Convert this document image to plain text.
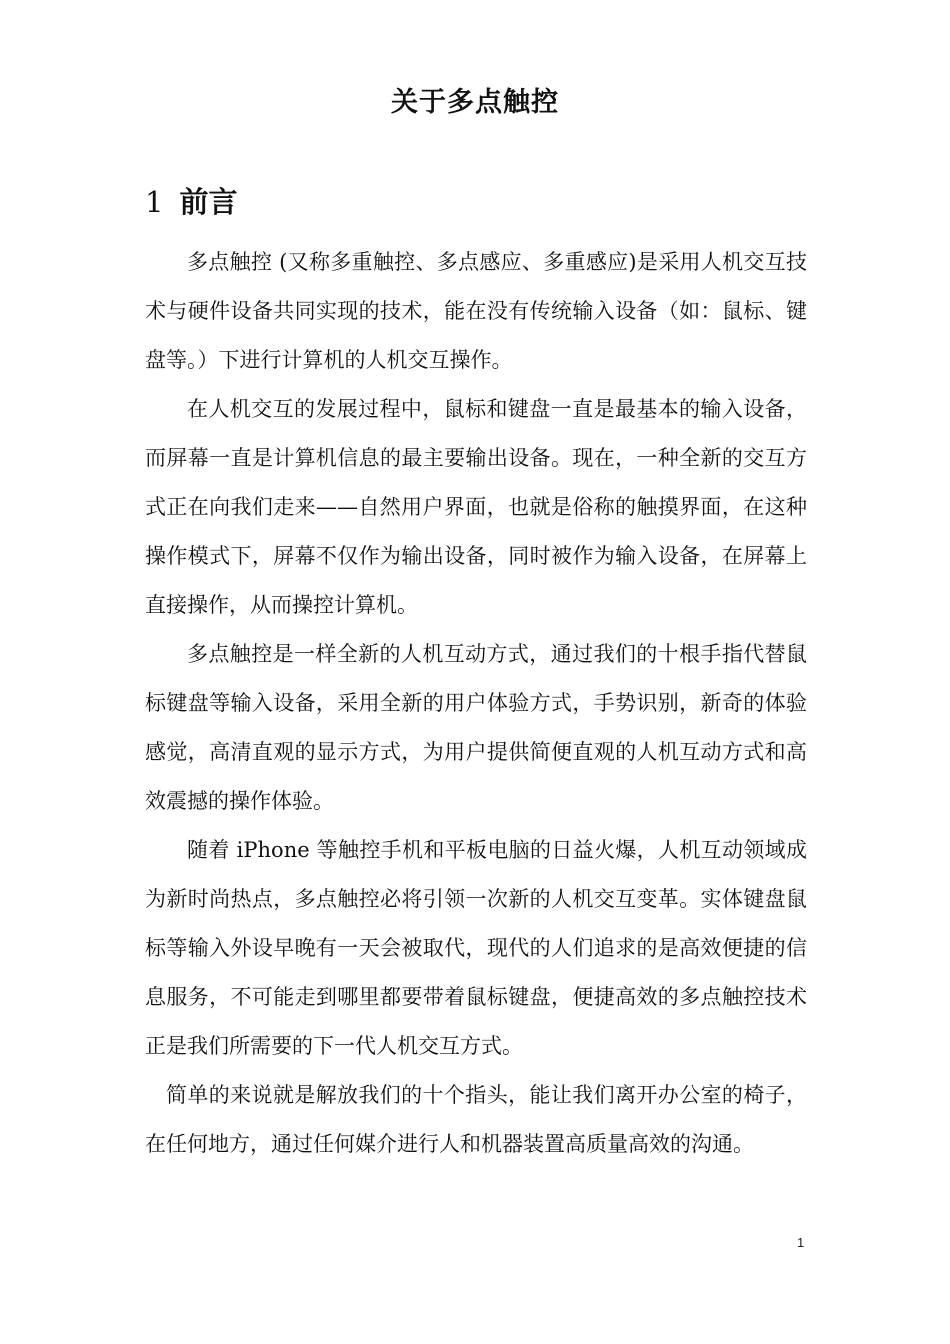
关于多点触控
1 前言

多点触控 (又称多重触控、多点感应、多重感应)是采用人机交互技术与硬件设备共同实现的技术，能在没有传统输入设备（如：鼠标、键盘等。）下进行计算机的人机交互操作。

在人机交互的发展过程中，鼠标和键盘一直是最基本的输入设备，而屏幕一直是计算机信息的最主要输出设备。现在，一种全新的交互方式正在向我们走来——自然用户界面，也就是俗称的触摸界面，在这种操作模式下，屏幕不仅作为输出设备，同时被作为输入设备，在屏幕上直接操作，从而操控计算机。

多点触控是一样全新的人机互动方式，通过我们的十根手指代替鼠标键盘等输入设备，采用全新的用户体验方式，手势识别，新奇的体验感觉，高清直观的显示方式，为用户提供简便直观的人机互动方式和高效震撼的操作体验。

随着 iPhone 等触控手机和平板电脑的日益火爆，人机互动领域成为新时尚热点，多点触控必将引领一次新的人机交互变革。实体键盘鼠标等输入外设早晚有一天会被取代，现代的人们追求的是高效便捷的信息服务，不可能走到哪里都要带着鼠标键盘，便捷高效的多点触控技术正是我们所需要的下一代人机交互方式。

简单的来说就是解放我们的十个指头，能让我们离开办公室的椅子，在任何地方，通过任何媒介进行人和机器装置高质量高效的沟通。

1
